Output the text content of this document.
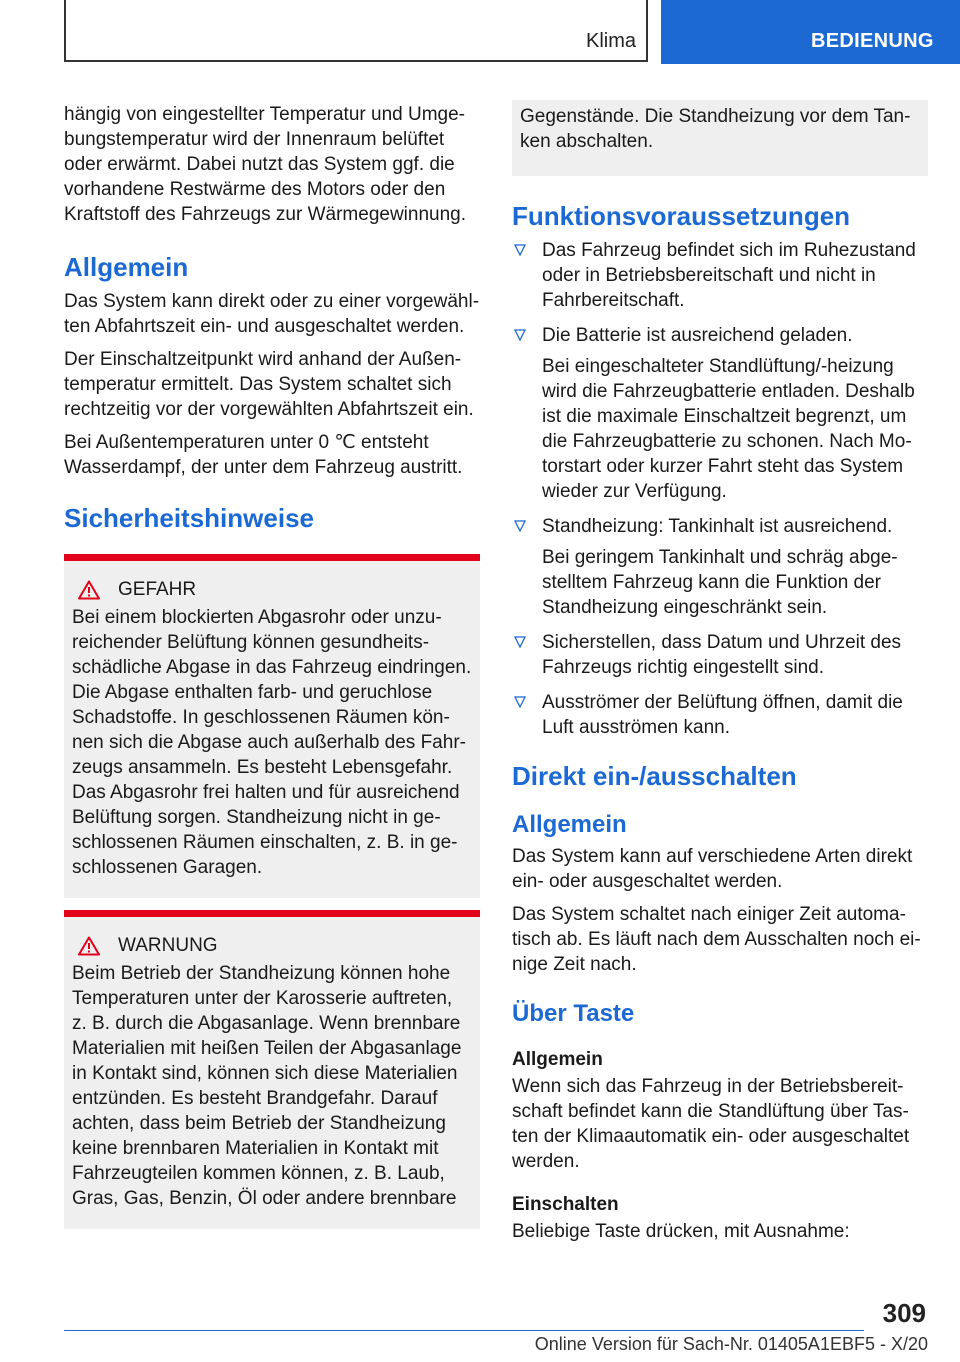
Klima	BEDIENUNG

hängig von eingestellter Temperatur und Umgebungstemperatur wird der Innenraum belüftet oder erwärmt. Dabei nutzt das System ggf. die vorhandene Restwärme des Motors oder den Kraftstoff des Fahrzeugs zur Wärmegewinnung.

Allgemein

Das System kann direkt oder zu einer vorgewählten Abfahrtszeit ein- und ausgeschaltet werden.

Der Einschaltzeitpunkt wird anhand der Außentemperatur ermittelt. Das System schaltet sich rechtzeitig vor der vorgewählten Abfahrtszeit ein.

Bei Außentemperaturen unter 0 ℃ entsteht Wasserdampf, der unter dem Fahrzeug austritt.

Sicherheitshinweise
GEFAHR

Bei einem blockierten Abgasrohr oder unzureichender Belüftung können gesundheitsschädliche Abgase in das Fahrzeug eindringen. Die Abgase enthalten farb- und geruchlose Schadstoffe. In geschlossenen Räumen können sich die Abgase auch außerhalb des Fahrzeugs ansammeln. Es besteht Lebensgefahr. Das Abgasrohr frei halten und für ausreichend Belüftung sorgen. Standheizung nicht in geschlossenen Räumen einschalten, z. B. in geschlossenen Garagen.

WARNUNG

Beim Betrieb der Standheizung können hohe Temperaturen unter der Karosserie auftreten, z. B. durch die Abgasanlage. Wenn brennbare Materialien mit heißen Teilen der Abgasanlage in Kontakt sind, können sich diese Materialien entzünden. Es besteht Brandgefahr. Darauf achten, dass beim Betrieb der Standheizung keine brennbaren Materialien in Kontakt mit Fahrzeugteilen kommen können, z. B. Laub, Gras, Gas, Benzin, Öl oder andere brennbare

Gegenstände. Die Standheizung vor dem Tanken abschalten.

Funktionsvoraussetzungen

Das Fahrzeug befindet sich im Ruhezustand oder in Betriebsbereitschaft und nicht in Fahrbereitschaft.

Die Batterie ist ausreichend geladen.

Bei eingeschalteter Standlüftung/-heizung wird die Fahrzeugbatterie entladen. Deshalb ist die maximale Einschaltzeit begrenzt, um die Fahrzeugbatterie zu schonen. Nach Motorstart oder kurzer Fahrt steht das System wieder zur Verfügung.

Standheizung: Tankinhalt ist ausreichend.

Bei geringem Tankinhalt und schräg abgestelltem Fahrzeug kann die Funktion der Standheizung eingeschränkt sein.

Sicherstellen, dass Datum und Uhrzeit des Fahrzeugs richtig eingestellt sind.

Ausströmer der Belüftung öffnen, damit die Luft ausströmen kann.

Direkt ein-/ausschalten
Allgemein

Das System kann auf verschiedene Arten direkt ein- oder ausgeschaltet werden.

Das System schaltet nach einiger Zeit automatisch ab. Es läuft nach dem Ausschalten noch einige Zeit nach.

Über Taste
Allgemein

Wenn sich das Fahrzeug in der Betriebsbereitschaft befindet kann die Standlüftung über Tasten der Klimaautomatik ein- oder ausgeschaltet werden.

Einschalten

Beliebige Taste drücken, mit Ausnahme:

309
Online Version für Sach-Nr. 01405A1EBF5 - X/20
